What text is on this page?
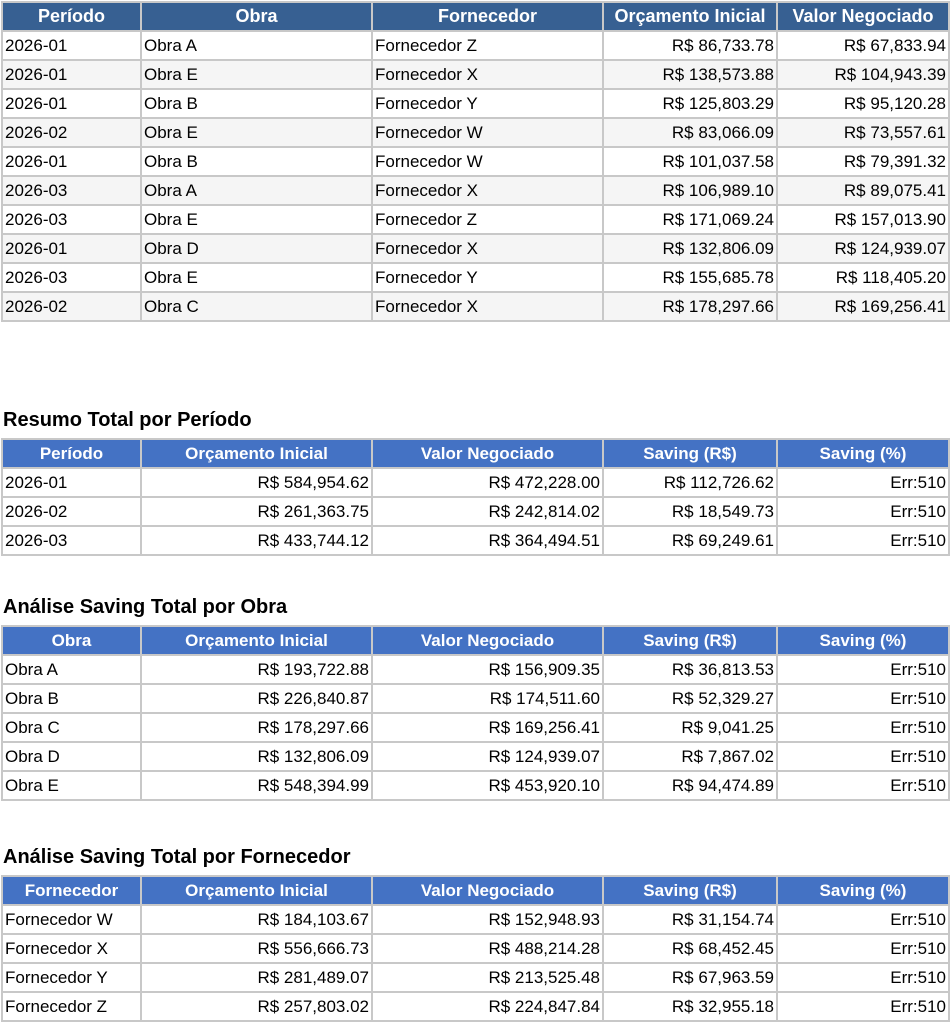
Período	Obra	Fornecedor	Orçamento Inicial	Valor Negociado
2026-01	Obra A	Fornecedor Z	R$ 86,733.78	R$ 67,833.94
2026-01	Obra E	Fornecedor X	R$ 138,573.88	R$ 104,943.39
2026-01	Obra B	Fornecedor Y	R$ 125,803.29	R$ 95,120.28
2026-02	Obra E	Fornecedor W	R$ 83,066.09	R$ 73,557.61
2026-01	Obra B	Fornecedor W	R$ 101,037.58	R$ 79,391.32
2026-03	Obra A	Fornecedor X	R$ 106,989.10	R$ 89,075.41
2026-03	Obra E	Fornecedor Z	R$ 171,069.24	R$ 157,013.90
2026-01	Obra D	Fornecedor X	R$ 132,806.09	R$ 124,939.07
2026-03	Obra E	Fornecedor Y	R$ 155,685.78	R$ 118,405.20
2026-02	Obra C	Fornecedor X	R$ 178,297.66	R$ 169,256.41
Resumo Total por Período
Período	Orçamento Inicial	Valor Negociado	Saving (R$)	Saving (%)
2026-01	R$ 584,954.62	R$ 472,228.00	R$ 112,726.62	Err:510
2026-02	R$ 261,363.75	R$ 242,814.02	R$ 18,549.73	Err:510
2026-03	R$ 433,744.12	R$ 364,494.51	R$ 69,249.61	Err:510
Análise Saving Total por Obra
Obra	Orçamento Inicial	Valor Negociado	Saving (R$)	Saving (%)
Obra A	R$ 193,722.88	R$ 156,909.35	R$ 36,813.53	Err:510
Obra B	R$ 226,840.87	R$ 174,511.60	R$ 52,329.27	Err:510
Obra C	R$ 178,297.66	R$ 169,256.41	R$ 9,041.25	Err:510
Obra D	R$ 132,806.09	R$ 124,939.07	R$ 7,867.02	Err:510
Obra E	R$ 548,394.99	R$ 453,920.10	R$ 94,474.89	Err:510
Análise Saving Total por Fornecedor
Fornecedor	Orçamento Inicial	Valor Negociado	Saving (R$)	Saving (%)
Fornecedor W	R$ 184,103.67	R$ 152,948.93	R$ 31,154.74	Err:510
Fornecedor X	R$ 556,666.73	R$ 488,214.28	R$ 68,452.45	Err:510
Fornecedor Y	R$ 281,489.07	R$ 213,525.48	R$ 67,963.59	Err:510
Fornecedor Z	R$ 257,803.02	R$ 224,847.84	R$ 32,955.18	Err:510
